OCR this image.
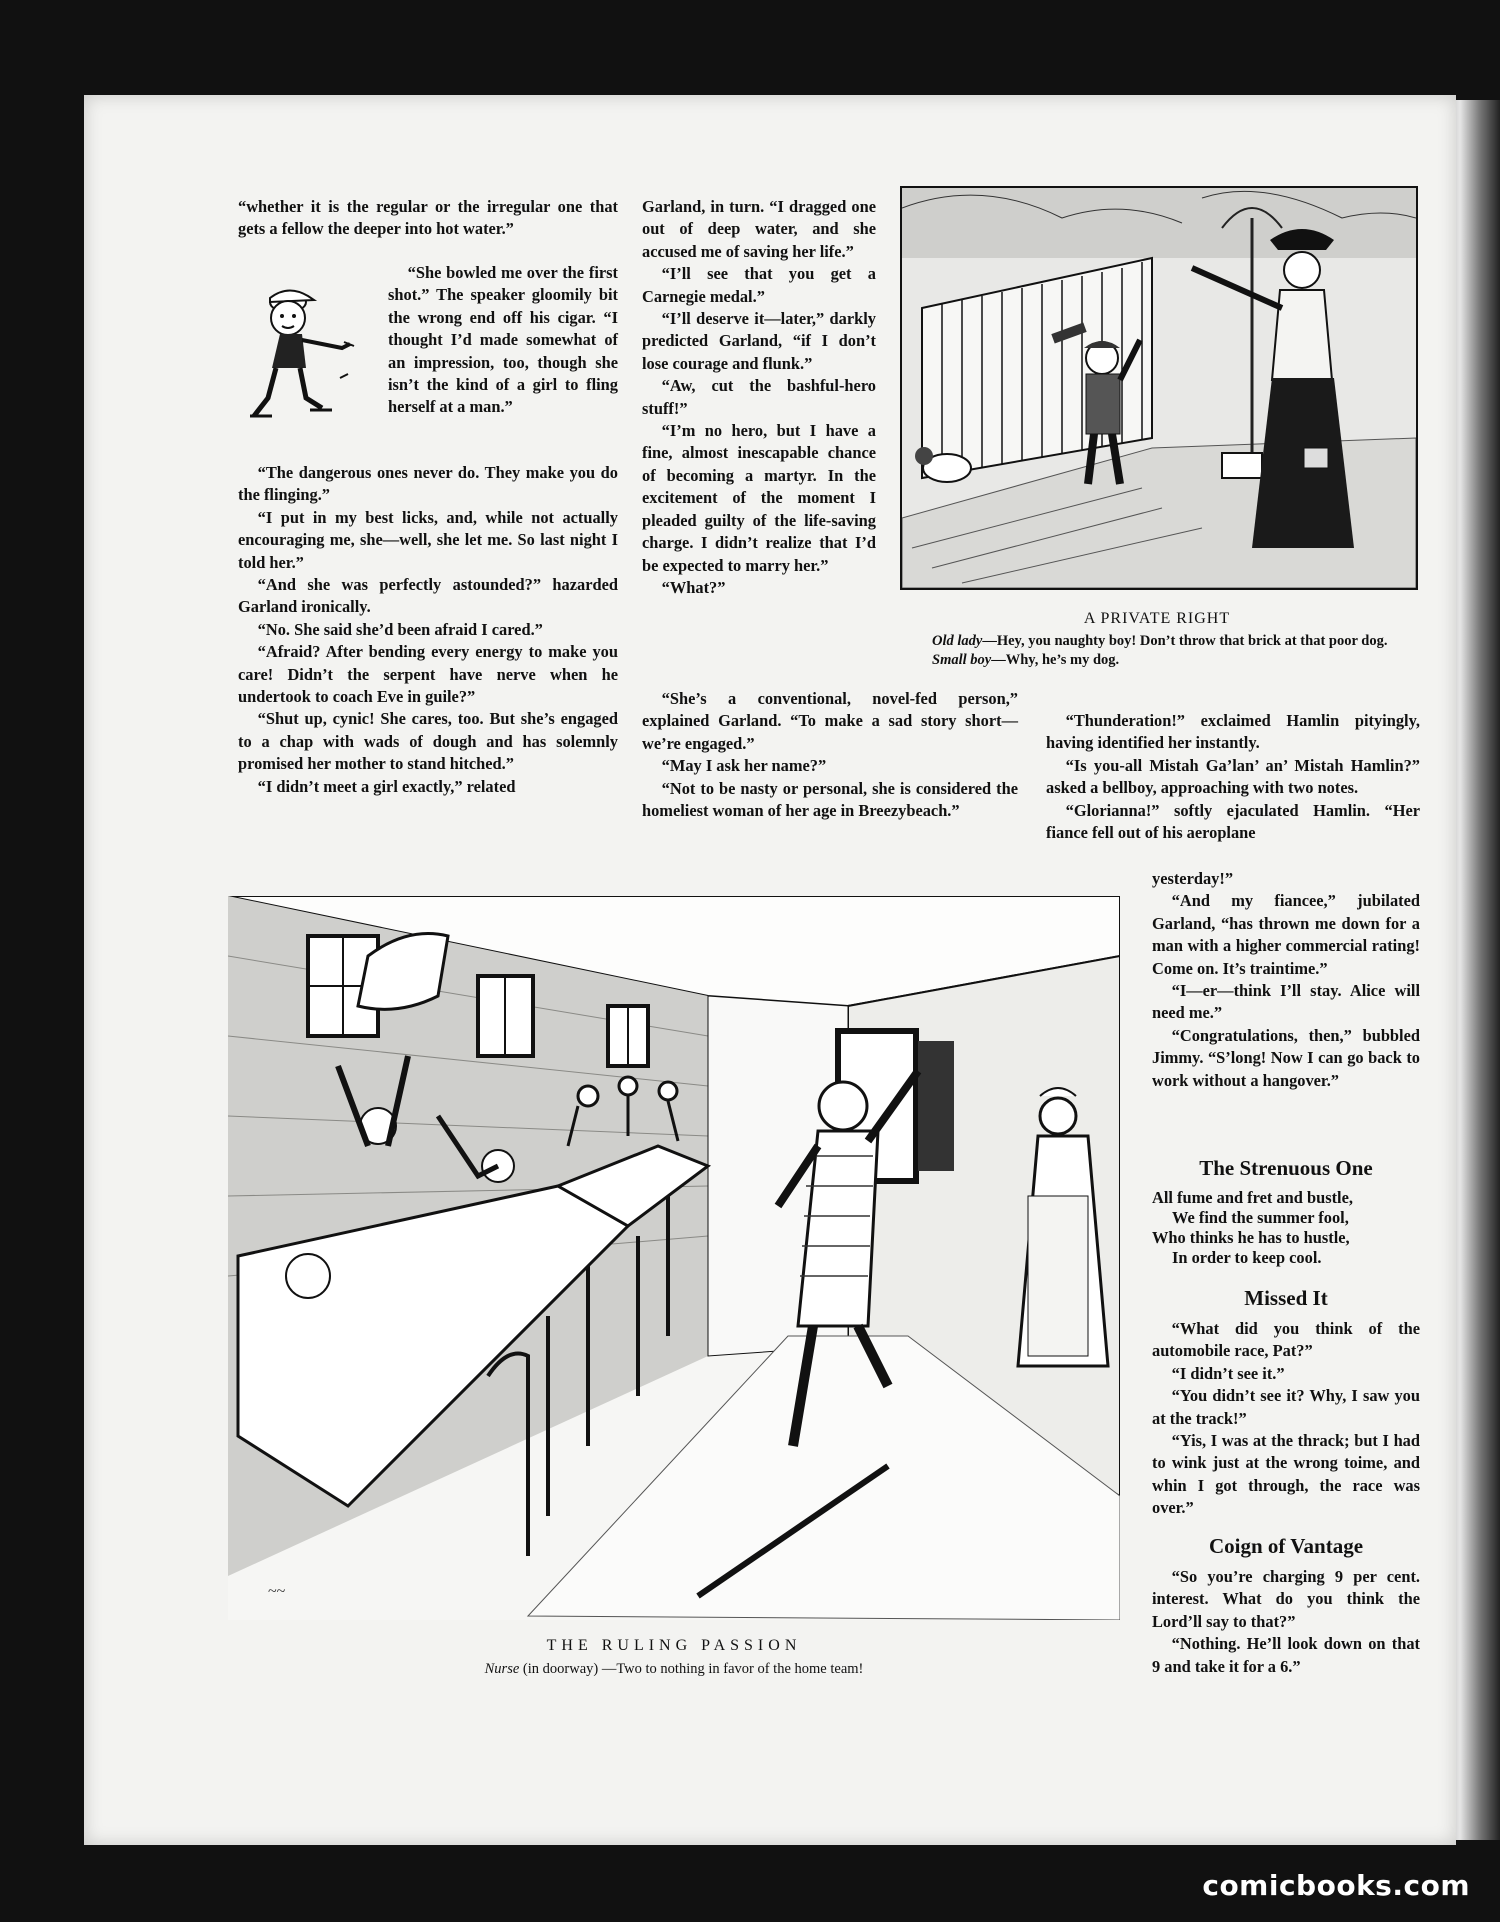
“whether it is the regular or the irregular one that gets a fellow the deeper into hot water.”

“She bowled me over the first shot.” The speaker gloomily bit the wrong end off his cigar. “I thought I’d made somewhat of an impression, too, though she isn’t the kind of a girl to fling herself at a man.”

“The dangerous ones never do. They make you do the flinging.”

“I put in my best licks, and, while not actually encouraging me, she—well, she let me. So last night I told her.”

“And she was perfectly astounded?” hazarded Garland ironically.

“No. She said she’d been afraid I cared.”

“Afraid? After bending every energy to make you care! Didn’t the serpent have nerve when he undertook to coach Eve in guile?”

“Shut up, cynic! She cares, too. But she’s engaged to a chap with wads of dough and has solemnly promised her mother to stand hitched.”

“I didn’t meet a girl exactly,” related

Garland, in turn. “I dragged one out of deep water, and she accused me of saving her life.”

“I’ll see that you get a Carnegie medal.”

“I’ll deserve it—later,” darkly predicted Garland, “if I don’t lose courage and flunk.”

“Aw, cut the bashful-hero stuff!”

“I’m no hero, but I have a fine, almost inescapable chance of becoming a martyr. In the excitement of the moment I pleaded guilty of the life-saving charge. I didn’t realize that I’d be expected to marry her.”

“What?”

“She’s a conventional, novel-fed person,” explained Garland. “To make a sad story short—we’re engaged.”

“May I ask her name?”

“Not to be nasty or personal, she is considered the homeliest woman of her age in Breezybeach.”

A PRIVATE RIGHT
Old lady—Hey, you naughty boy! Don’t throw that brick at that poor dog.
Small boy—Why, he’s my dog.

“Thunderation!” exclaimed Hamlin pityingly, having identified her instantly.

“Is you-all Mistah Ga’lan’ an’ Mistah Hamlin?” asked a bellboy, approaching with two notes.

“Glorianna!” softly ejaculated Hamlin. “Her fiance fell out of his aeroplane

~~
THE RULING PASSION
Nurse (in doorway) —Two to nothing in favor of the home team!

yesterday!”

“And my fiancee,” jubilated Garland, “has thrown me down for a man with a higher commercial rating! Come on. It’s traintime.”

“I—er—think I’ll stay. Alice will need me.”

“Congratulations, then,” bubbled Jimmy. “S’long! Now I can go back to work without a hangover.”

The Strenuous One
All fume and fret and bustle,
We find the summer fool,
Who thinks he has to hustle,
In order to keep cool.
Missed It

“What did you think of the automobile race, Pat?”

“I didn’t see it.”

“You didn’t see it? Why, I saw you at the track!”

“Yis, I was at the thrack; but I had to wink just at the wrong toime, and whin I got through, the race was over.”

Coign of Vantage

“So you’re charging 9 per cent. interest. What do you think the Lord’ll say to that?”

“Nothing. He’ll look down on that 9 and take it for a 6.”

comicbooks.com
